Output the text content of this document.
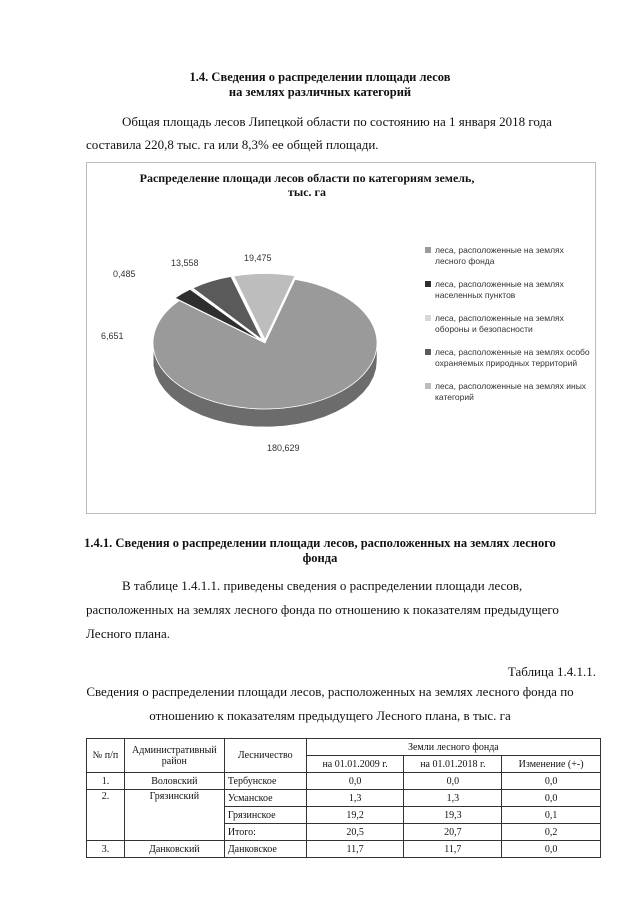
1.4. Сведения о распределении площади лесов
на землях различных категорий
Общая площадь лесов Липецкой области по состоянию на 1 января 2018 года
составила 220,8 тыс. га или 8,3% ее общей площади.
Распределение площади лесов области по категориям земель,
тыс. га
180,629
6,651
0,485
13,558	19,475
леса, расположенные на землях лесного фонда
леса, расположенные на землях населенных пунктов
леса, расположенные на землях обороны и безопасности
леса, расположенные на землях особо охраняемых природных территорий
леса, расположенные на землях иных категорий
1.4.1. Сведения о распределении площади лесов, расположенных на землях лесного
фонда
В таблице 1.4.1.1. приведены сведения о распределении площади лесов,
расположенных на землях лесного фонда по отношению к показателям предыдущего
Лесного плана.
Таблица 1.4.1.1.
Сведения о распределении площади лесов, расположенных на землях лесного фонда по
отношению к показателям предыдущего Лесного плана, в тыс. га
№ п/п	Административный район	Лесничество	Земли лесного фонда		
			на 01.01.2009 г.	на 01.01.2018 г.	Изменение (+-)
1.	Воловский	Тербунское	0,0	0,0	0,0
2.	Грязинский	Усманское	1,3	1,3	0,0
		Грязинское	19,2	19,3	0,1
		Итого:	20,5	20,7	0,2
3.	Данковский	Данковское	11,7	11,7	0,0
